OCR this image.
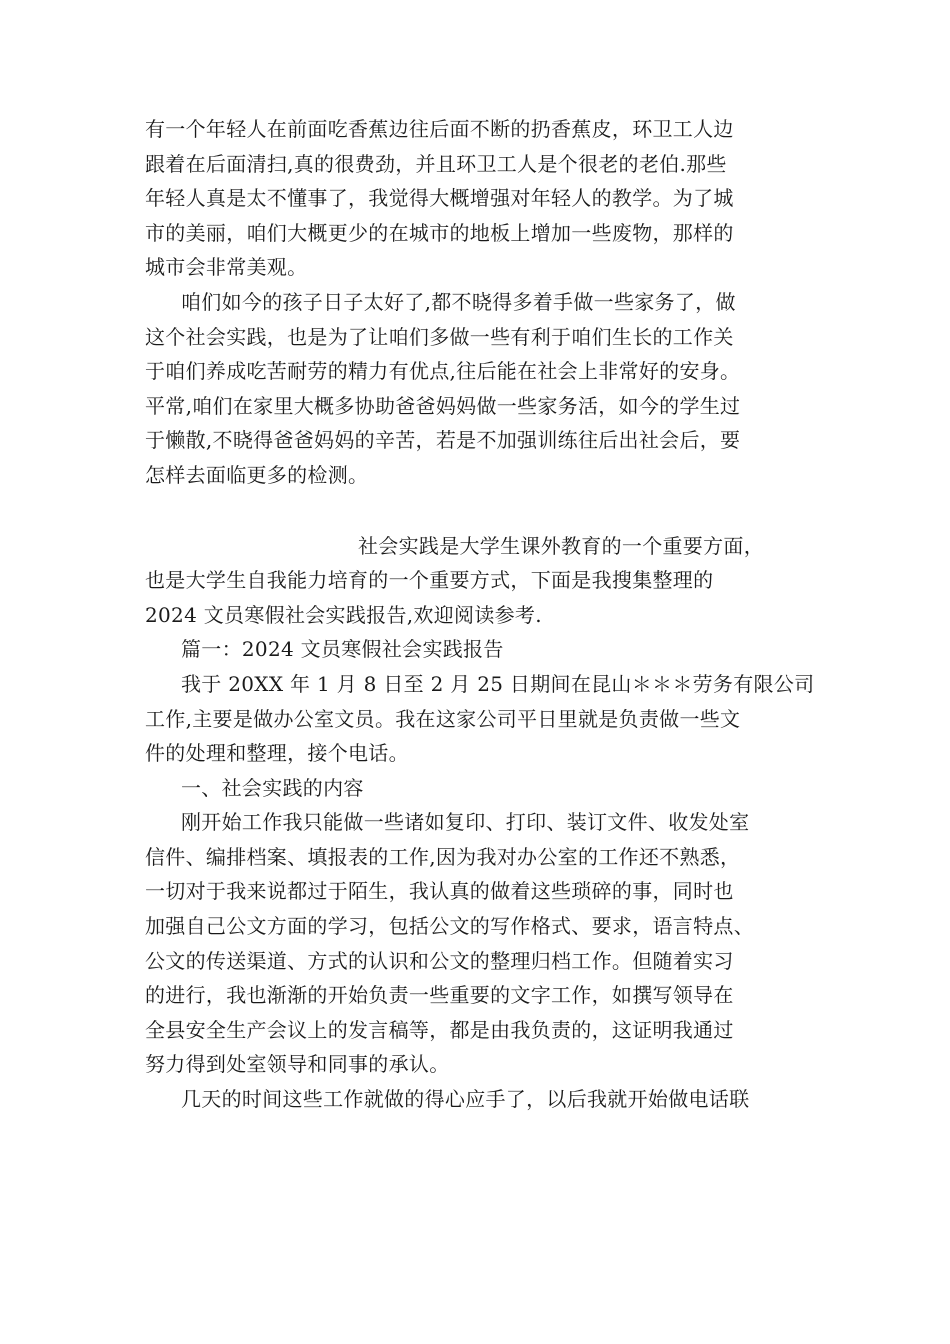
有一个年轻人在前面吃香蕉边往后面不断的扔香蕉皮，环卫工人边
跟着在后面清扫,真的很费劲，并且环卫工人是个很老的老伯.那些
年轻人真是太不懂事了，我觉得大概增强对年轻人的教学。为了城
市的美丽，咱们大概更少的在城市的地板上增加一些废物，那样的
城市会非常美观。
咱们如今的孩子日子太好了,都不晓得多着手做一些家务了，做
这个社会实践，也是为了让咱们多做一些有利于咱们生长的工作关
于咱们养成吃苦耐劳的精力有优点,往后能在社会上非常好的安身。
平常,咱们在家里大概多协助爸爸妈妈做一些家务活，如今的学生过
于懒散,不晓得爸爸妈妈的辛苦，若是不加强训练往后出社会后，要
怎样去面临更多的检测。
社会实践是大学生课外教育的一个重要方面，
也是大学生自我能力培育的一个重要方式，下面是我搜集整理的
2024 文员寒假社会实践报告,欢迎阅读参考.
篇一：2024 文员寒假社会实践报告
我于 20XX 年 1 月 8 日至 2 月 25 日期间在昆山＊＊＊劳务有限公司
工作,主要是做办公室文员。我在这家公司平日里就是负责做一些文
件的处理和整理，接个电话。
一、社会实践的内容
刚开始工作我只能做一些诸如复印、打印、装订文件、收发处室
信件、编排档案、填报表的工作,因为我对办公室的工作还不熟悉，
一切对于我来说都过于陌生，我认真的做着这些琐碎的事，同时也
加强自己公文方面的学习，包括公文的写作格式、要求，语言特点、
公文的传送渠道、方式的认识和公文的整理归档工作。但随着实习
的进行，我也渐渐的开始负责一些重要的文字工作，如撰写领导在
全县安全生产会议上的发言稿等，都是由我负责的，这证明我通过
努力得到处室领导和同事的承认。
几天的时间这些工作就做的得心应手了，以后我就开始做电话联
